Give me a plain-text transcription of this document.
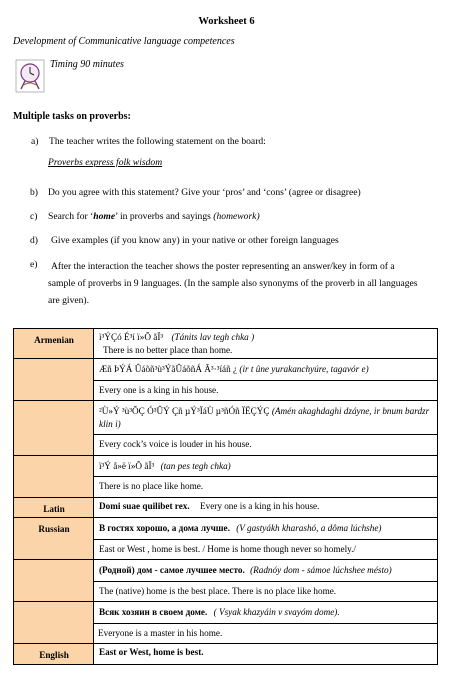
Worksheet 6
Development of Communicative language competences
Timing 90 minutes
Multiple tasks on proverbs:
a) The teacher writes the following statement on the board:
Proverbs express folk wisdom
b) Do you agree with this statement? Give your ‘pros’ and ‘cons’ (agree or disagree)
c) Search for ‘home’ in proverbs and sayings (homework)
d) Give examples (if you know any) in your native or other foreign languages
e)	After the interaction the teacher shows the poster representing an answer/key in form of a sample of proverbs in 9 languages. (In the sample also synonyms of the proverb in all languages are given).
Armenian	ì³ÝÇó É³í ï»Õ ãÏ³ (Tánits lav tegh chka )
There is no better place than home.

	Æñ ÞÝÁ Ûáõñ³ù³ÝãÛáõñÁ Ã³·³íáñ ¿ (ir t ûne yurakanchyúre, tagavór e)
Every one is a king in his house.

	²Ù»Ý ³ù³ÕÇ Ó³ÛÝ Çñ µÝ³ÏáÙ µ³ñÓñ ÏËÇÝÇ (Amén akaghdaghi dzáyne, ir bnum bardzr klin i)
Every cock’s voice is louder in his house.

	ï³Ý å»ë ï»Õ ãÏ³ (tan pes tegh chka)
There is no place like home.

Latin	Domi suae quilibet rex. Every one is a king in his house.
Russian	В гостях хорошо, а дома лучше. (V gastyákh kharashó, a dôma lúchshe)
East or West , home is best. / Home is home though never so homely./

	(Родной) дом - самое лучшее место. (Radnóy dom - sámoe lúchshee mésto)
The (native) home is the best place. There is no place like home.

	Всяк хозяин в своем доме. ( Vsyak khazyáin v svayóm dome).
Everyone is a master in his home.

English	East or West, home is best.
